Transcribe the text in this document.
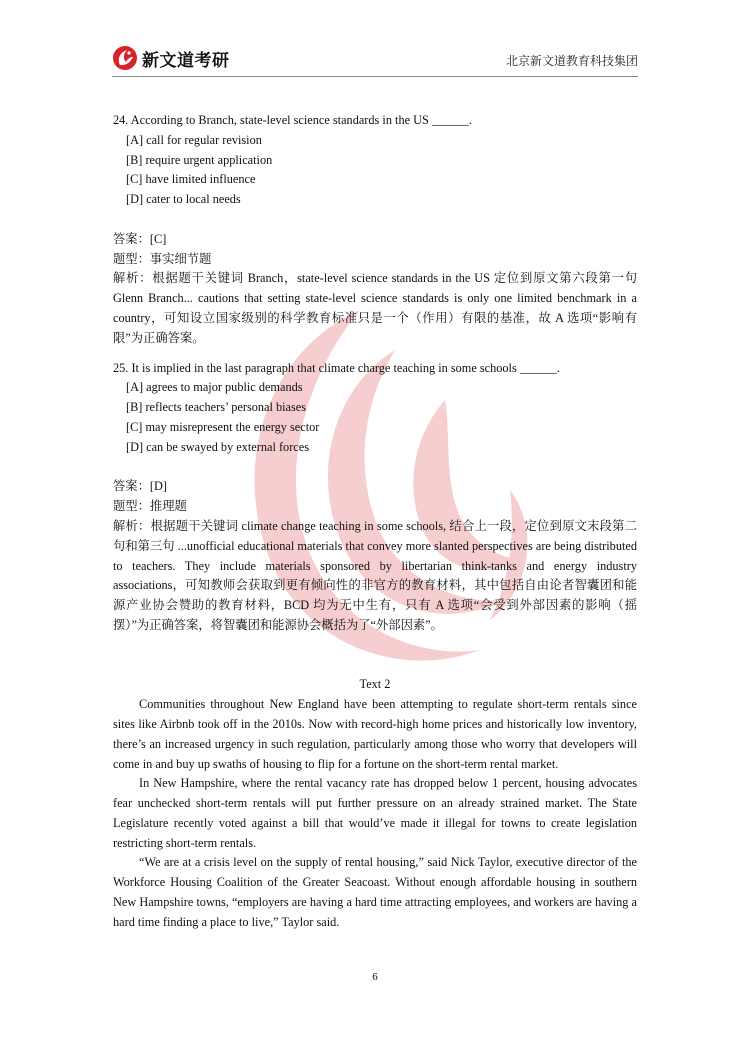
新文道考研	北京新文道教育科技集团

24. According to Branch, state-level science standards in the US ______.

[A] call for regular revision

[B] require urgent application

[C] have limited influence

[D] cater to local needs

答案：[C]

题型：事实细节题

解析：根据题干关键词 Branch，state-level science standards in the US 定位到原文第六段第一句 Glenn Branch... cautions that setting state-level science standards is only one limited benchmark in a country，可知设立国家级别的科学教育标准只是一个（作用）有限的基准，故 A 选项“影响有限”为正确答案。

25. It is implied in the last paragraph that climate charge teaching in some schools ______.

[A] agrees to major public demands

[B] reflects teachers’ personal biases

[C] may misrepresent the energy sector

[D] can be swayed by external forces

答案：[D]

题型：推理题

解析：根据题干关键词 climate change teaching in some schools, 结合上一段，定位到原文末段第二句和第三句 ...unofficial educational materials that convey more slanted perspectives are being distributed to teachers. They include materials sponsored by libertarian think-tanks and energy industry associations，可知教师会获取到更有倾向性的非官方的教育材料，其中包括自由论者智囊团和能源产业协会赞助的教育材料，BCD 均为无中生有，只有 A 选项“会受到外部因素的影响（摇摆）”为正确答案，将智囊团和能源协会概括为了“外部因素”。

Text 2

Communities throughout New England have been attempting to regulate short-term rentals since sites like Airbnb took off in the 2010s. Now with record-high home prices and historically low inventory, there’s an increased urgency in such regulation, particularly among those who worry that developers will come in and buy up swaths of housing to flip for a fortune on the short-term rental market.

In New Hampshire, where the rental vacancy rate has dropped below 1 percent, housing advocates fear unchecked short-term rentals will put further pressure on an already strained market. The State Legislature recently voted against a bill that would’ve made it illegal for towns to create legislation restricting short-term rentals.

“We are at a crisis level on the supply of rental housing,” said Nick Taylor, executive director of the Workforce Housing Coalition of the Greater Seacoast. Without enough affordable housing in southern New Hampshire towns, “employers are having a hard time attracting employees, and workers are having a hard time finding a place to live,” Taylor said.

6
